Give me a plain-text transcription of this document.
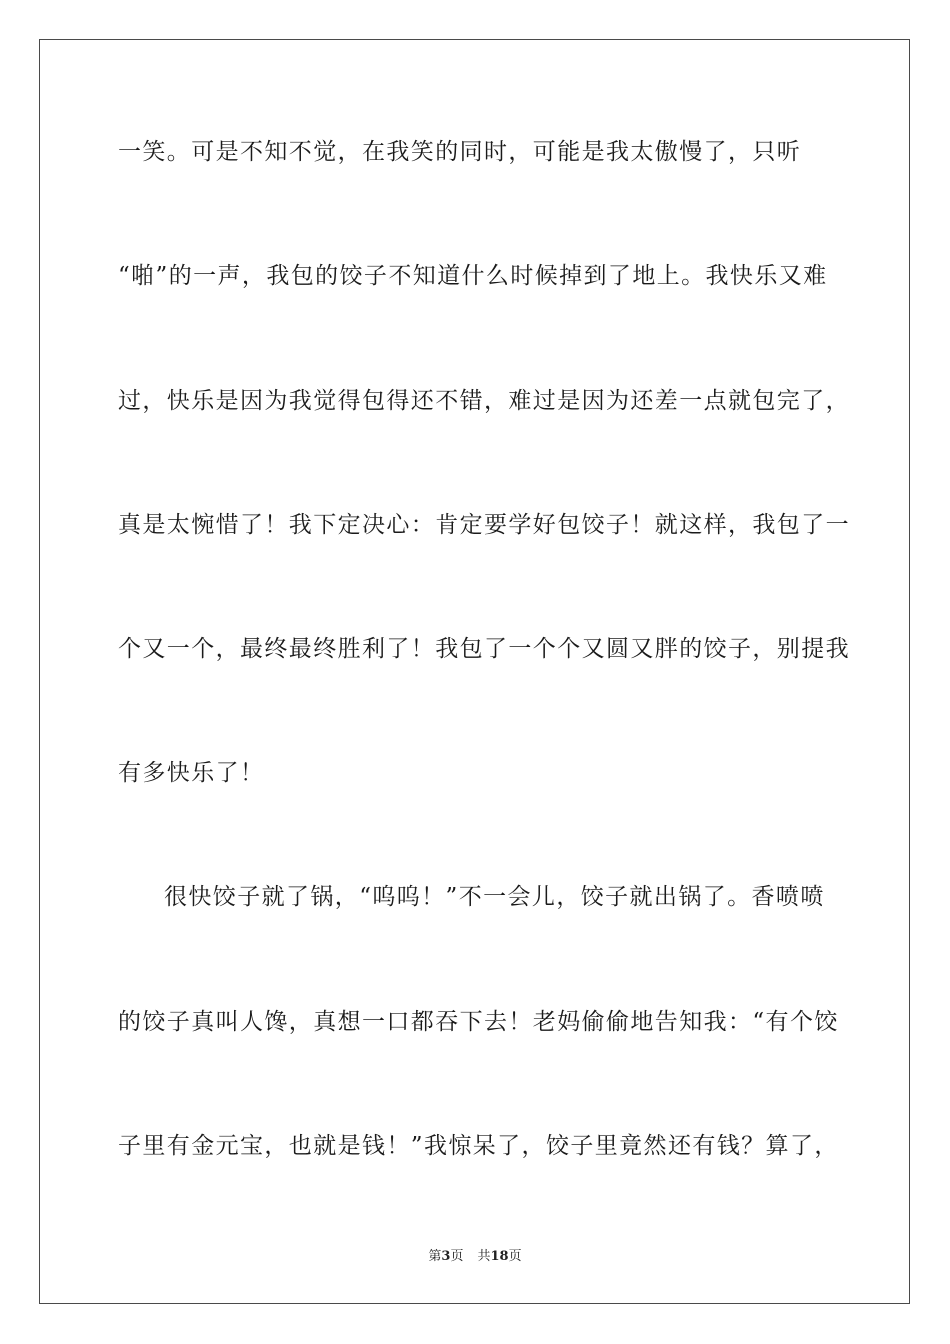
一笑。可是不知不觉，在我笑的同时，可能是我太傲慢了，只听
“啪”的一声，我包的饺子不知道什么时候掉到了地上。我快乐又难
过，快乐是因为我觉得包得还不错，难过是因为还差一点就包完了，
真是太惋惜了！我下定决心：肯定要学好包饺子！就这样，我包了一
个又一个，最终最终胜利了！我包了一个个又圆又胖的饺子，别提我
有多快乐了！
很快饺子就了锅，“呜呜！”不一会儿，饺子就出锅了。香喷喷
的饺子真叫人馋，真想一口都吞下去！老妈偷偷地告知我：“有个饺
子里有金元宝，也就是钱！”我惊呆了，饺子里竟然还有钱？算了，
第3页 共18页
